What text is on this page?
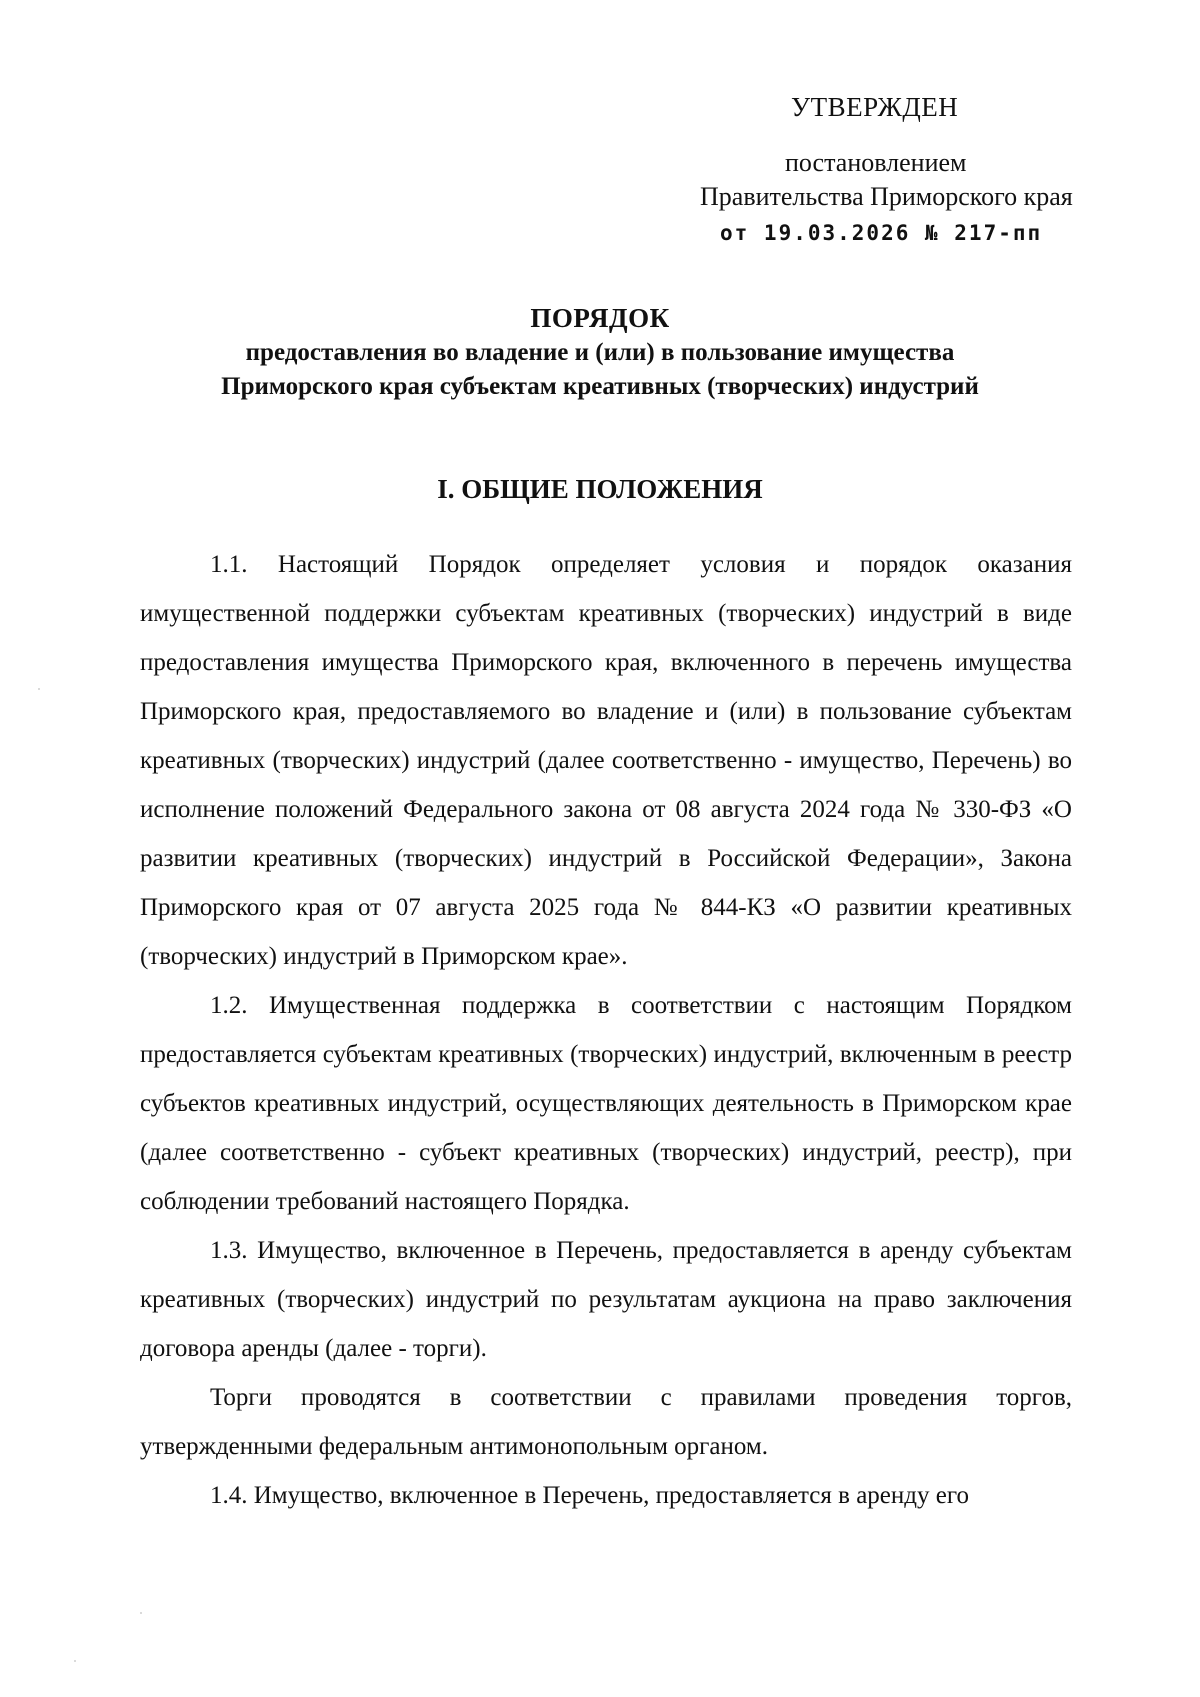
УТВЕРЖДЕН
постановлением
Правительства Приморского края
от 19.03.2026 № 217-пп
ПОРЯДОК
предоставления во владение и (или) в пользование имущества
Приморского края субъектам креативных (творческих) индустрий
I. ОБЩИЕ ПОЛОЖЕНИЯ

1.1. Настоящий Порядок определяет условия и порядок оказания имущественной поддержки субъектам креативных (творческих) индустрий в виде предоставления имущества Приморского края, включенного в перечень имущества Приморского края, предоставляемого во владение и (или) в пользование субъектам креативных (творческих) индустрий (далее соответственно - имущество, Перечень) во исполнение положений Федерального закона от 08 августа 2024 года № 330-ФЗ «О развитии креативных (творческих) индустрий в Российской Федерации», Закона Приморского края от 07 августа 2025 года № 844-КЗ «О развитии креативных (творческих) индустрий в Приморском крае».

1.2. Имущественная поддержка в соответствии с настоящим Порядком предоставляется субъектам креативных (творческих) индустрий, включенным в реестр субъектов креативных индустрий, осуществляющих деятельность в Приморском крае (далее соответственно - субъект креативных (творческих) индустрий, реестр), при соблюдении требований настоящего Порядка.

1.3. Имущество, включенное в Перечень, предоставляется в аренду субъектам креативных (творческих) индустрий по результатам аукциона на право заключения договора аренды (далее - торги).

Торги проводятся в соответствии с правилами проведения торгов, утвержденными федеральным антимонопольным органом.

1.4. Имущество, включенное в Перечень, предоставляется в аренду его
